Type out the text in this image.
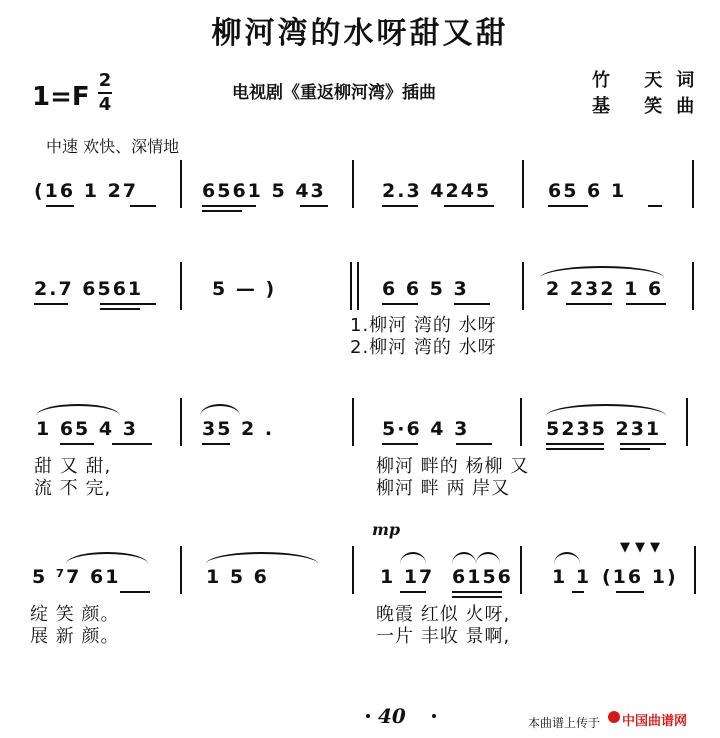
柳河湾的水呀甜又甜
1=F
2
4
电视剧《重返柳河湾》插曲
竹 天词
基 笑曲
中速 欢快、深情地
(16 1 27	6561 5 43	2.3 4245	65 6 1
2.7 6561	5 — )	6 6 5 3	2 232 1 6
1.柳河 湾的 水呀
2.柳河 湾的 水呀
1 65 4 3	35 2 .	5·6 4 3	5235 231
甜 又 甜,	柳河 畔的 杨柳 又
流 不 完,	柳河 畔 两 岸又
mp
5 ⁷7 61	1 5 6	1 17 6156 1 1 (16 1)
▼▼▼
绽 笑 颜。	晚霞 红似 火呀,
展 新 颜。	一片 丰收 景啊,
40	本曲谱上传于 中国曲谱网
